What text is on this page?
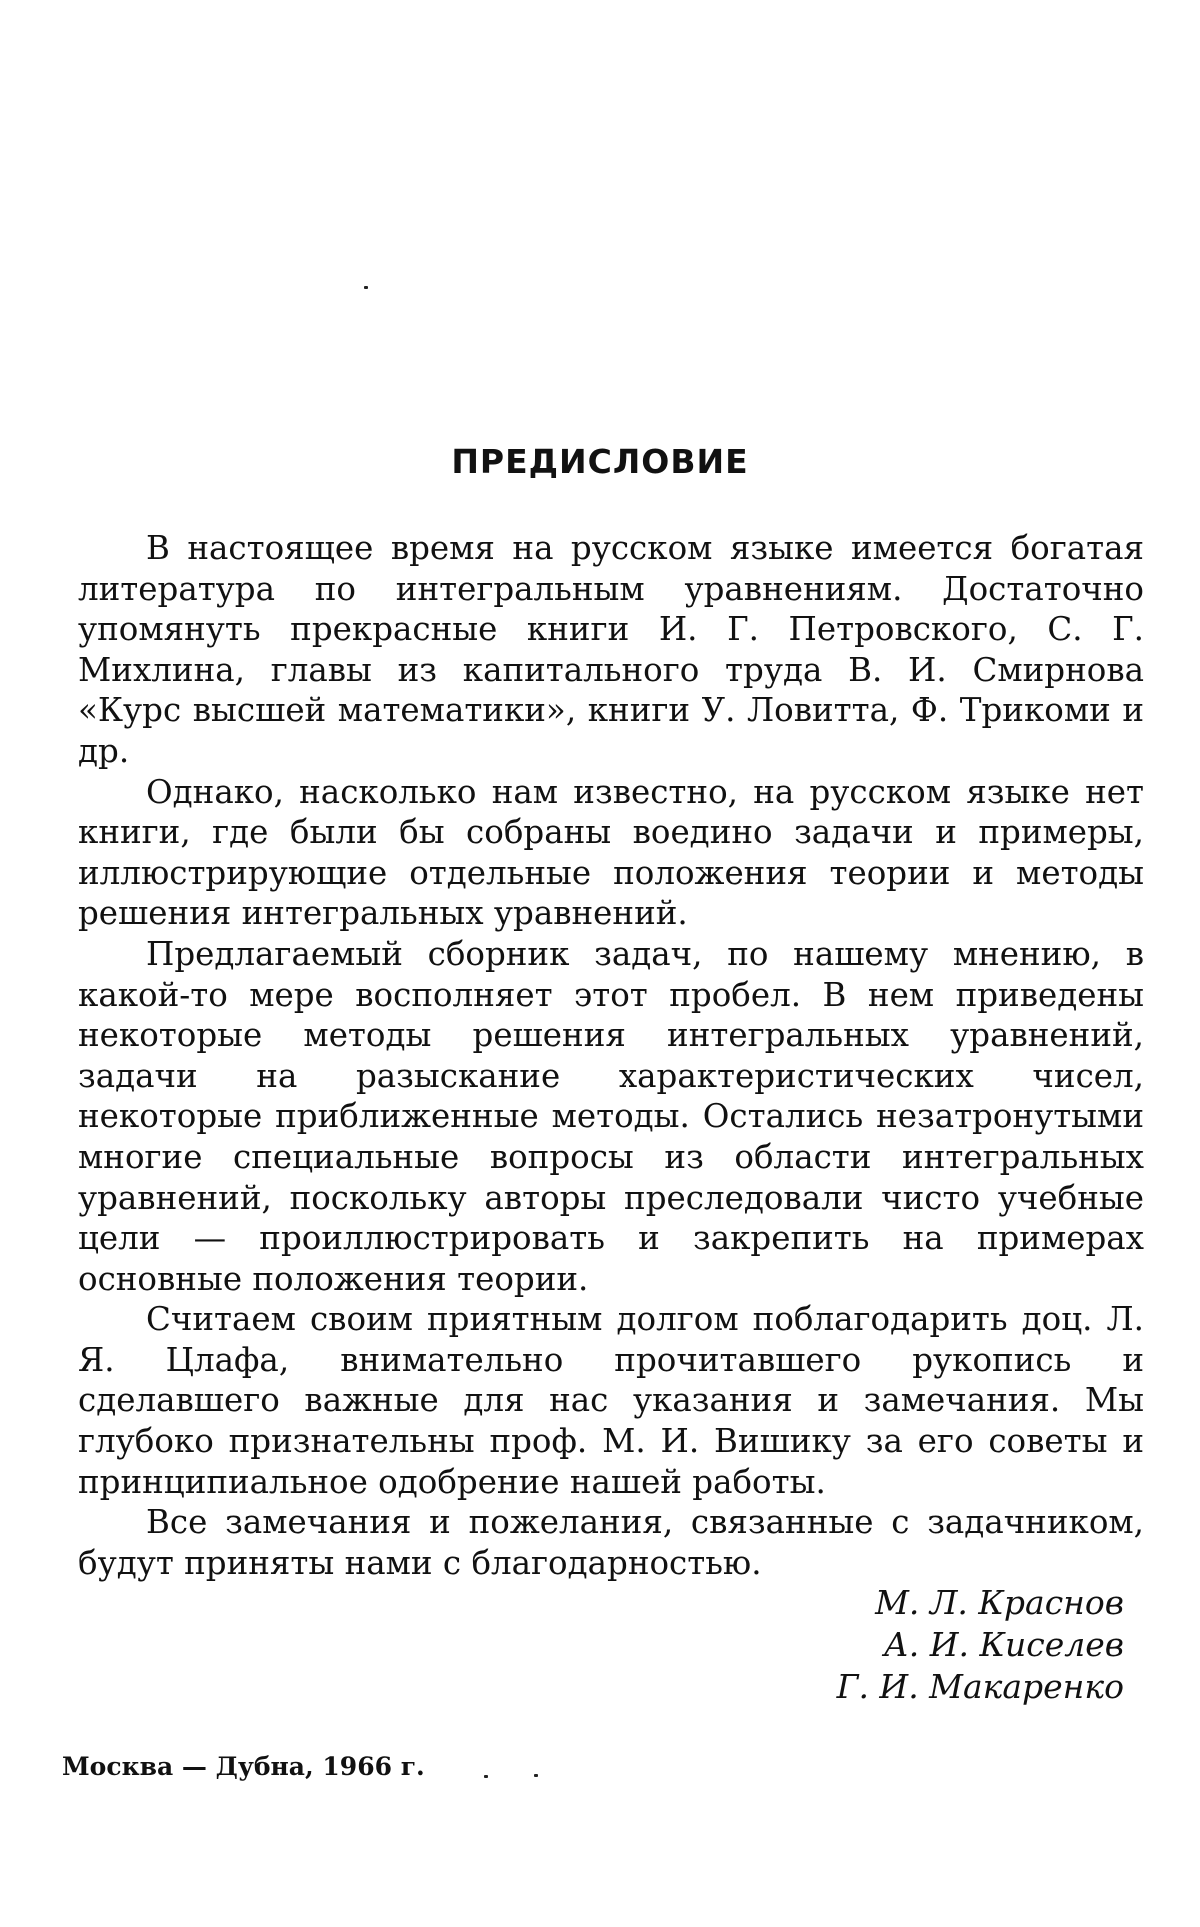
ПРЕДИСЛОВИЕ

В настоящее время на русском языке имеется богатая литература по интегральным уравнениям. Достаточно упомянуть прекрасные книги И. Г. Петровского, С. Г. Михлина, главы из капитального труда В. И. Смирнова «Курс высшей математики», книги У. Ловитта, Ф. Трикоми и др.

Однако, насколько нам известно, на русском языке нет книги, где были бы собраны воедино задачи и примеры, иллюстрирующие отдельные положения теории и методы решения интегральных уравнений.

Предлагаемый сборник задач, по нашему мнению, в какой-то мере восполняет этот пробел. В нем приведены некоторые методы решения интегральных уравнений, задачи на разыскание характеристических чисел, некоторые приближенные методы. Остались незатронутыми многие специальные вопросы из области интегральных уравнений, поскольку авторы преследовали чисто учебные цели — проиллюстрировать и закрепить на примерах основные положения теории.

Считаем своим приятным долгом поблагодарить доц. Л. Я. Цлафа, внимательно прочитавшего рукопись и сделавшего важные для нас указания и замечания. Мы глубоко признательны проф. М. И. Вишику за его советы и принципиальное одобрение нашей работы.

Все замечания и пожелания, связанные с задачником, будут приняты нами с благодарностью.

М. Л. Краснов
А. И. Киселев
Г. И. Макаренко
Москва — Дубна, 1966 г.
